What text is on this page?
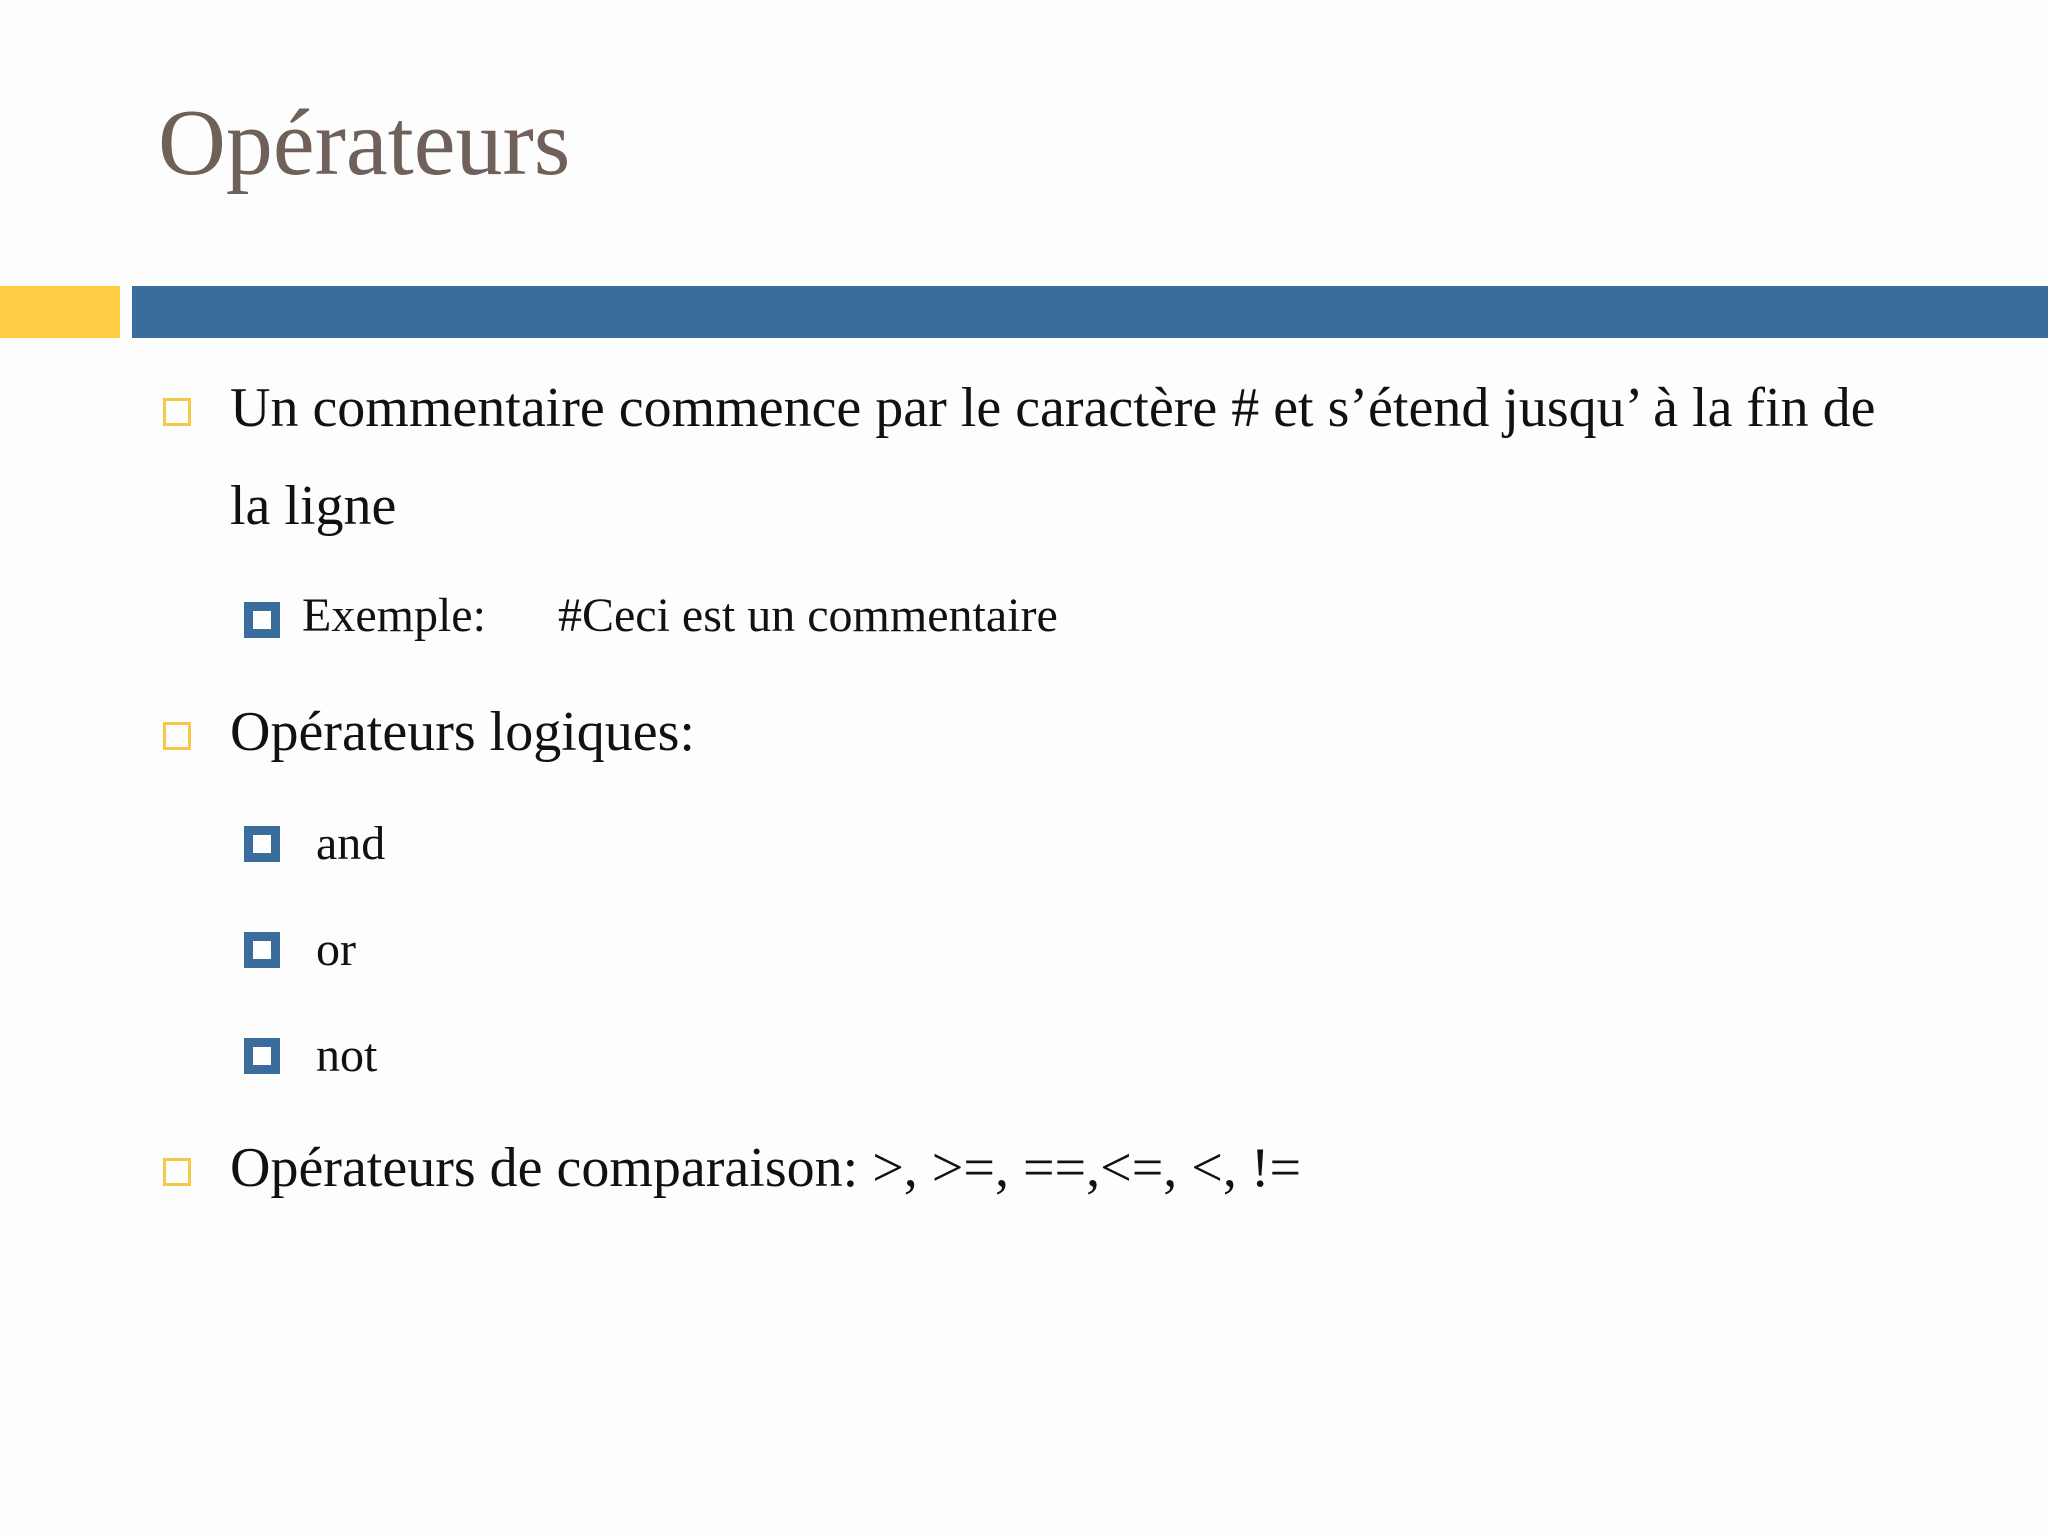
Opérateurs
Un commentaire commence par le caractère # et s’étend jusqu’ à la fin de
la ligne
Exemple: #Ceci est un commentaire
Opérateurs logiques:
and
or
not
Opérateurs de comparaison: >, >=, ==,<=, <, !=
